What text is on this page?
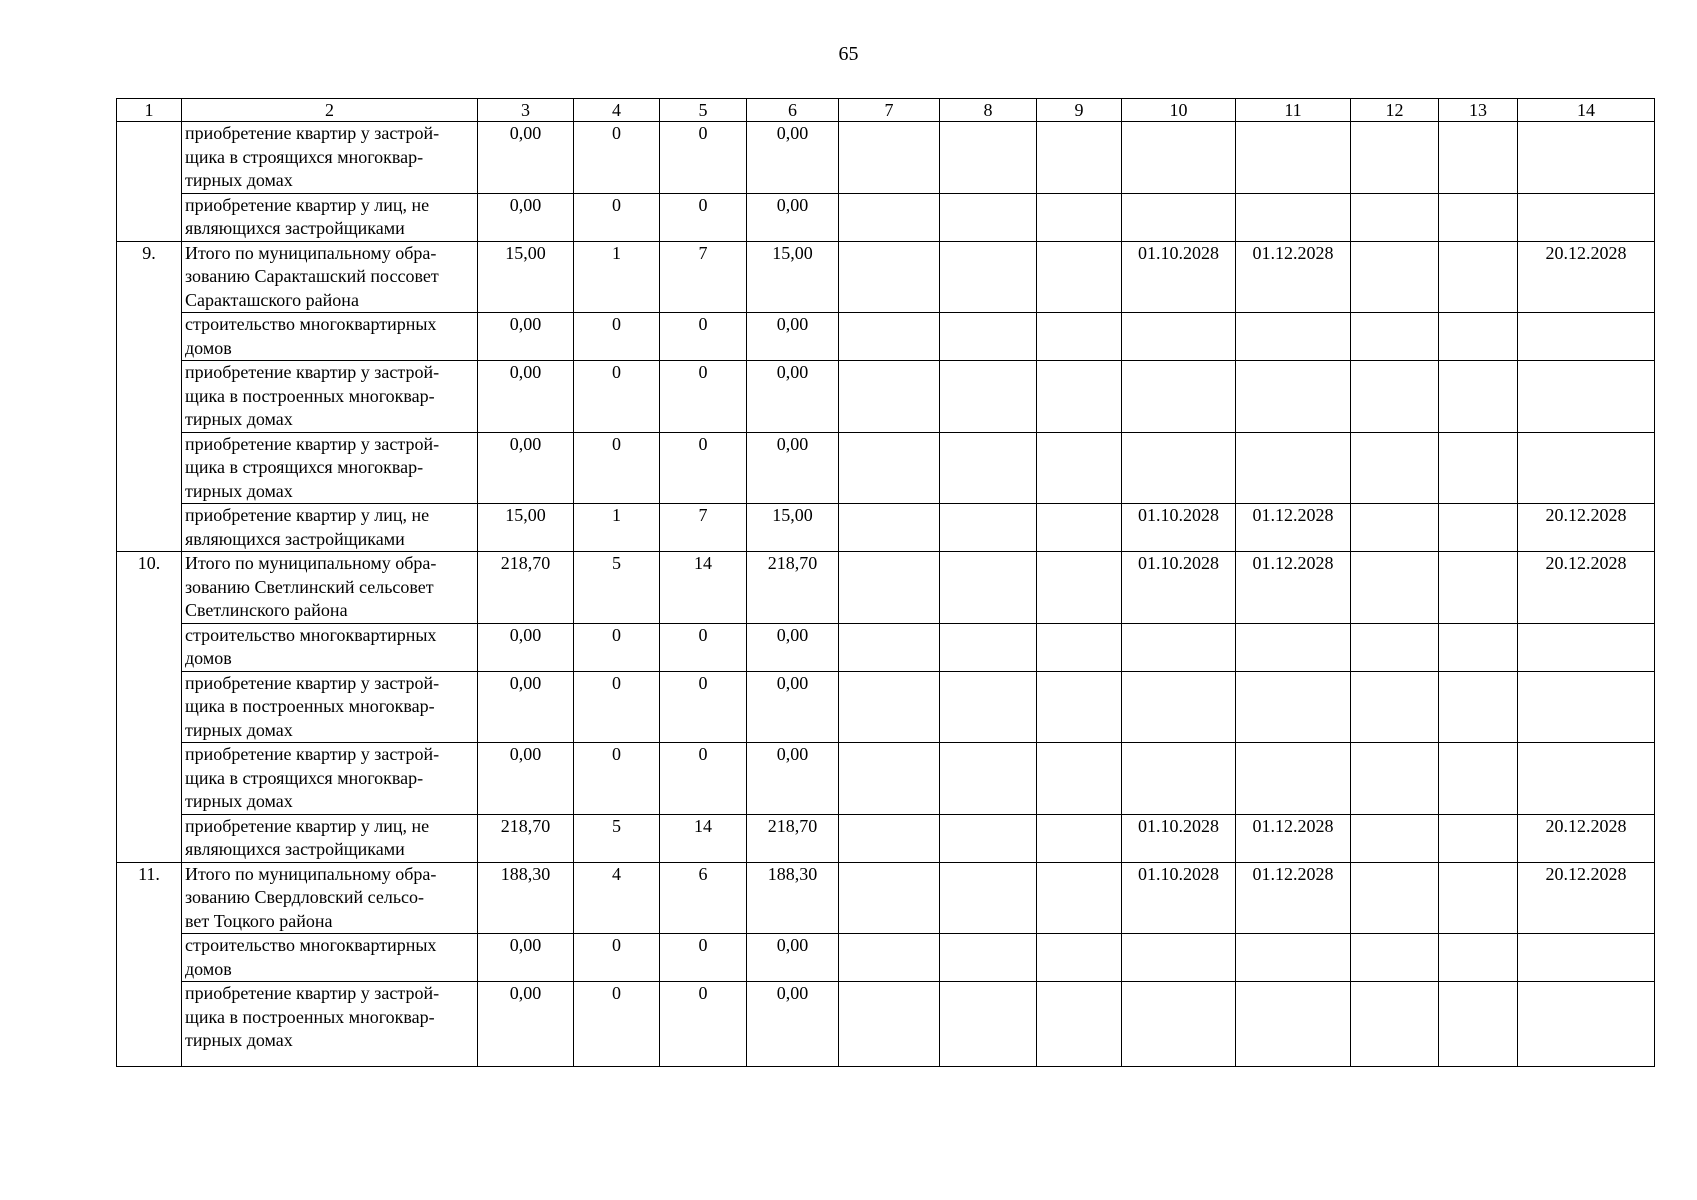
65
1	2	3	4	5	6	7	8	9	10	11	12	13	14
	приобретение квартир у застрой-
щика в строящихся многоквар-
тирных домах	0,00	0	0	0,00								
	приобретение квартир у лиц, не
являющихся застройщиками	0,00	0	0	0,00								
9.	Итого по муниципальному обра-
зованию Саракташский поссовет
Саракташского района	15,00	1	7	15,00				01.10.2028	01.12.2028			20.12.2028
	строительство многоквартирных
домов	0,00	0	0	0,00								
	приобретение квартир у застрой-
щика в построенных многоквар-
тирных домах	0,00	0	0	0,00								
	приобретение квартир у застрой-
щика в строящихся многоквар-
тирных домах	0,00	0	0	0,00								
	приобретение квартир у лиц, не
являющихся застройщиками	15,00	1	7	15,00				01.10.2028	01.12.2028			20.12.2028
10.	Итого по муниципальному обра-
зованию Светлинский сельсовет
Светлинского района	218,70	5	14	218,70				01.10.2028	01.12.2028			20.12.2028
	строительство многоквартирных
домов	0,00	0	0	0,00								
	приобретение квартир у застрой-
щика в построенных многоквар-
тирных домах	0,00	0	0	0,00								
	приобретение квартир у застрой-
щика в строящихся многоквар-
тирных домах	0,00	0	0	0,00								
	приобретение квартир у лиц, не
являющихся застройщиками	218,70	5	14	218,70				01.10.2028	01.12.2028			20.12.2028
11.	Итого по муниципальному обра-
зованию Свердловский сельсо-
вет Тоцкого района	188,30	4	6	188,30				01.10.2028	01.12.2028			20.12.2028
	строительство многоквартирных
домов	0,00	0	0	0,00								
	приобретение квартир у застрой-
щика в построенных многоквар-
тирных домах	0,00	0	0	0,00								
